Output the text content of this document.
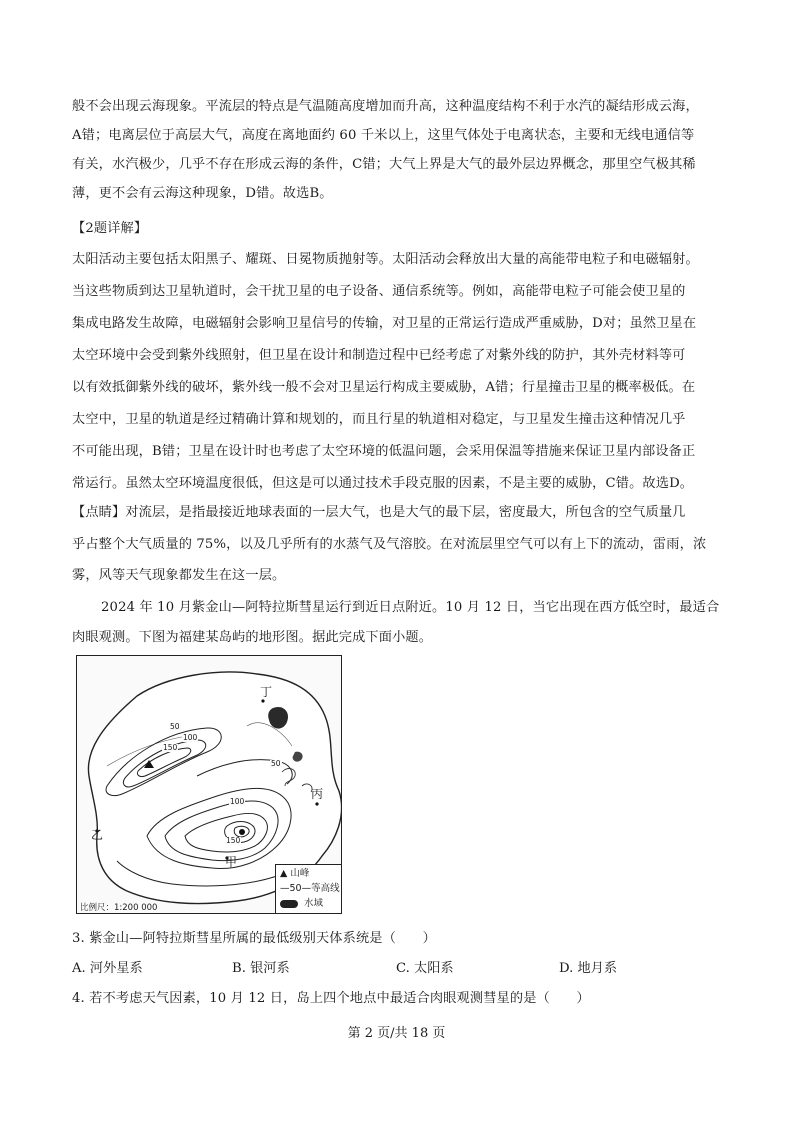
般不会出现云海现象。平流层的特点是气温随高度增加而升高，这种温度结构不利于水汽的凝结形成云海，
A错；电离层位于高层大气，高度在离地面约 60 千米以上，这里气体处于电离状态，主要和无线电通信等
有关，水汽极少，几乎不存在形成云海的条件，C错；大气上界是大气的最外层边界概念，那里空气极其稀
薄，更不会有云海这种现象，D错。故选B。
【2题详解】
太阳活动主要包括太阳黑子、耀斑、日冕物质抛射等。太阳活动会释放出大量的高能带电粒子和电磁辐射。
当这些物质到达卫星轨道时，会干扰卫星的电子设备、通信系统等。例如，高能带电粒子可能会使卫星的
集成电路发生故障，电磁辐射会影响卫星信号的传输，对卫星的正常运行造成严重威胁，D对；虽然卫星在
太空环境中会受到紫外线照射，但卫星在设计和制造过程中已经考虑了对紫外线的防护，其外壳材料等可
以有效抵御紫外线的破坏，紫外线一般不会对卫星运行构成主要威胁，A错；行星撞击卫星的概率极低。在
太空中，卫星的轨道是经过精确计算和规划的，而且行星的轨道相对稳定，与卫星发生撞击这种情况几乎
不可能出现，B错；卫星在设计时也考虑了太空环境的低温问题，会采用保温等措施来保证卫星内部设备正
常运行。虽然太空环境温度很低，但这是可以通过技术手段克服的因素，不是主要的威胁，C错。故选D。
【点睛】对流层，是指最接近地球表面的一层大气，也是大气的最下层，密度最大，所包含的空气质量几
乎占整个大气质量的 75%，以及几乎所有的水蒸气及气溶胶。在对流层里空气可以有上下的流动，雷雨，浓
雾，风等天气现象都发生在这一层。
2024 年 10 月紫金山—阿特拉斯彗星运行到近日点附近。10 月 12 日，当它出现在西方低空时，最适合
肉眼观测。下图为福建某岛屿的地形图。据此完成下面小题。
50
100
150
50
100
150
丁
丙
乙
甲
▲ 山峰
—50—等高线
水域
比例尺：1:200 000
3. 紫金山—阿特拉斯彗星所属的最低级别天体系统是（　　）
A. 河外星系	B. 银河系	C. 太阳系	D. 地月系
4. 若不考虑天气因素，10 月 12 日，岛上四个地点中最适合肉眼观测彗星的是（　　）
第 2 页/共 18 页
